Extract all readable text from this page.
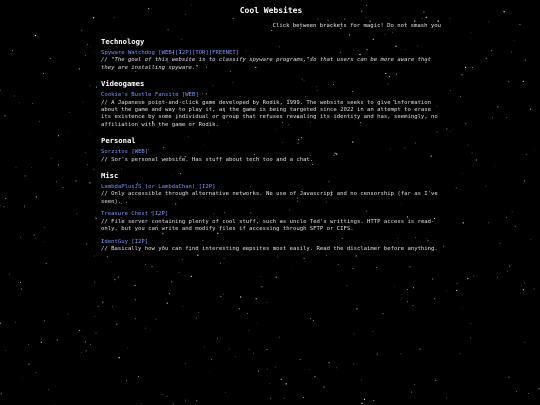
Cool Websites
Click between brackets for magic! Do not smash you
Technology
Spyware Watchdog [WEB][I2P][TOR][FREENET]
// "The goal of this website is to classify spyware programs, so that users can be more aware that they are installing spyware."
Videogames
Cookie's Bustle Fansite [WEB]
// A Japanese point-and-click game developed by Rodik, 1999. The website seeks to give information about the game and way to play it, as the game is being targeted since 2022 in an attempt to erase its existence by some individual or group that refuses revealing its identity and has, seemingly, no affiliation with the game or Rodik.
Personal
Sorzitos [WEB]
// Sor's personal website. Has stuff about tech too and a chat.
Misc
LambdaPlusJS (or LambdaChan) [I2P]
// Only accessible through alternative networks. No use of Javascript and no censorship (far as I've seen).
Treasure Chest [I2P]
// File server containing plenty of cool stuff, such as uncle Ted's writtings. HTTP access is read-only, but you can write and modify files if accessing through SFTP or CIFS.
IdentGuy [I2P]
// Basically how you can find interesting eepsites most easily. Read the disclaimer before anything.
